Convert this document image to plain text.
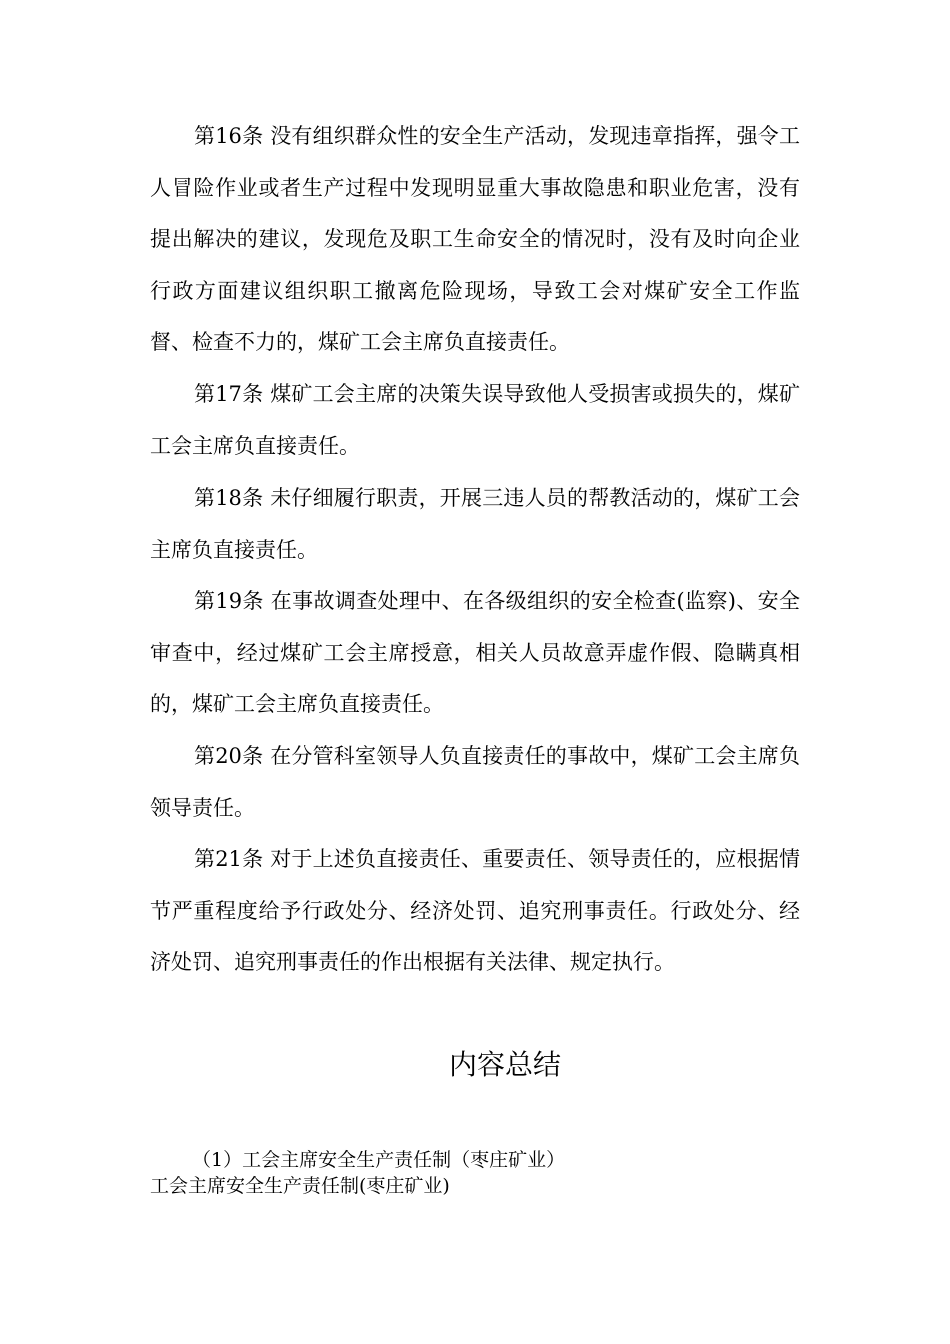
第16条 没有组织群众性的安全生产活动，发现违章指挥，强令工人冒险作业或者生产过程中发现明显重大事故隐患和职业危害，没有提出解决的建议，发现危及职工生命安全的情况时，没有及时向企业行政方面建议组织职工撤离危险现场，导致工会对煤矿安全工作监督、检查不力的，煤矿工会主席负直接责任。

第17条 煤矿工会主席的决策失误导致他人受损害或损失的，煤矿工会主席负直接责任。

第18条 未仔细履行职责，开展三违人员的帮教活动的，煤矿工会主席负直接责任。

第19条 在事故调查处理中、在各级组织的安全检查(监察)、安全审查中，经过煤矿工会主席授意，相关人员故意弄虚作假、隐瞒真相的，煤矿工会主席负直接责任。

第20条 在分管科室领导人负直接责任的事故中，煤矿工会主席负领导责任。

第21条 对于上述负直接责任、重要责任、领导责任的，应根据情节严重程度给予行政处分、经济处罚、追究刑事责任。行政处分、经济处罚、追究刑事责任的作出根据有关法律、规定执行。

内容总结

（1）工会主席安全生产责任制（枣庄矿业）

工会主席安全生产责任制(枣庄矿业)
